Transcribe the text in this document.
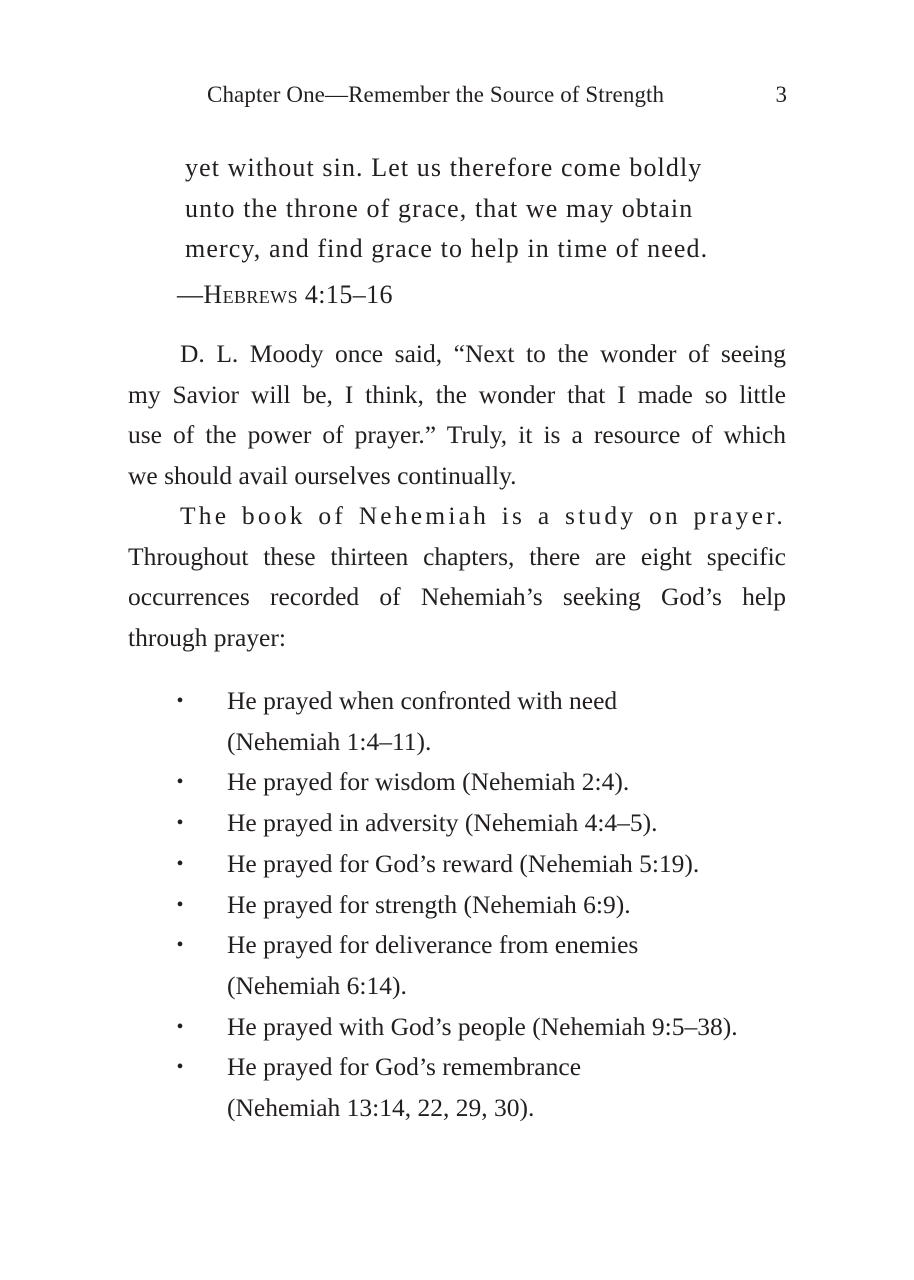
Chapter One—Remember the Source of Strength	3
yet without sin. Let us therefore come boldly
unto the throne of grace, that we may obtain
mercy, and find grace to help in time of need.
—Hebrews 4:15–16
D. L. Moody once said, “Next to the wonder of seeing
my Savior will be, I think, the wonder that I made so little
use of the power of prayer.” Truly, it is a resource of which
we should avail ourselves continually.
The book of Nehemiah is a study on prayer.
Throughout these thirteen chapters, there are eight specific
occurrences recorded of Nehemiah’s seeking God’s help
through prayer:
• He prayed when confronted with need
(Nehemiah 1:4–11).
• He prayed for wisdom (Nehemiah 2:4).
• He prayed in adversity (Nehemiah 4:4–5).
• He prayed for God’s reward (Nehemiah 5:19).
• He prayed for strength (Nehemiah 6:9).
• He prayed for deliverance from enemies
(Nehemiah 6:14).
• He prayed with God’s people (Nehemiah 9:5–38).
• He prayed for God’s remembrance
(Nehemiah 13:14, 22, 29, 30).
